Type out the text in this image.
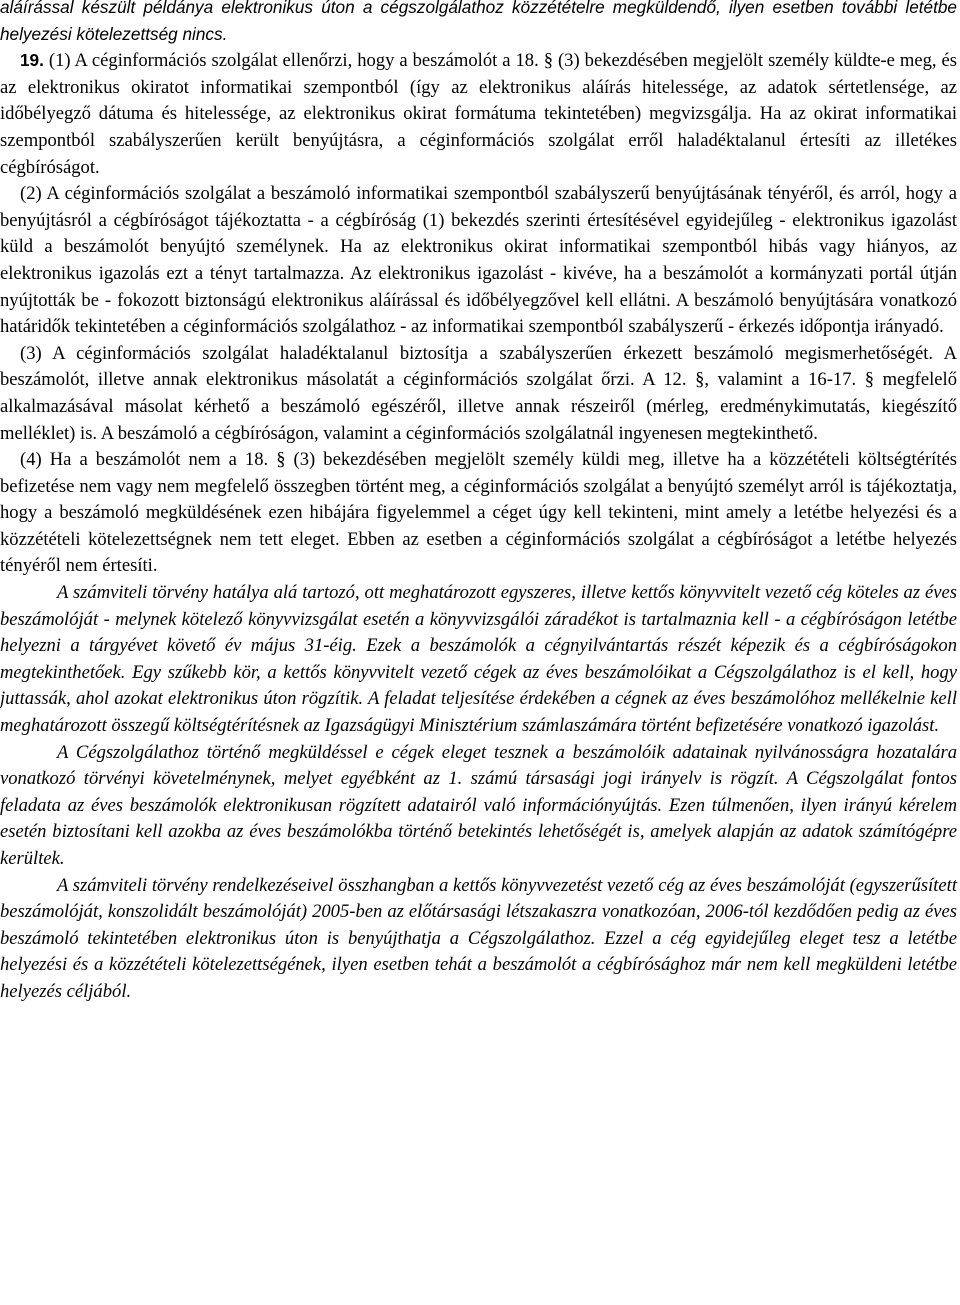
aláírással készült példánya elektronikus úton a cégszolgálathoz közzétételre megküldendő, ilyen esetben további letétbe helyezési kötelezettség nincs.

19. (1) A céginformációs szolgálat ellenőrzi, hogy a beszámolót a 18. § (3) bekezdésében megjelölt személy küldte-e meg, és az elektronikus okiratot informatikai szempontból (így az elektronikus aláírás hitelessége, az adatok sértetlensége, az időbélyegző dátuma és hitelessége, az elektronikus okirat formátuma tekintetében) megvizsgálja. Ha az okirat informatikai szempontból szabályszerűen került benyújtásra, a céginformációs szolgálat erről haladéktalanul értesíti az illetékes cégbíróságot.

(2) A céginformációs szolgálat a beszámoló informatikai szempontból szabályszerű benyújtásának tényéről, és arról, hogy a benyújtásról a cégbíróságot tájékoztatta - a cégbíróság (1) bekezdés szerinti értesítésével egyidejűleg - elektronikus igazolást küld a beszámolót benyújtó személynek. Ha az elektronikus okirat informatikai szempontból hibás vagy hiányos, az elektronikus igazolás ezt a tényt tartalmazza. Az elektronikus igazolást - kivéve, ha a beszámolót a kormányzati portál útján nyújtották be - fokozott biztonságú elektronikus aláírással és időbélyegzővel kell ellátni. A beszámoló benyújtására vonatkozó határidők tekintetében a céginformációs szolgálathoz - az informatikai szempontból szabályszerű - érkezés időpontja irányadó.

(3) A céginformációs szolgálat haladéktalanul biztosítja a szabályszerűen érkezett beszámoló megismerhetőségét. A beszámolót, illetve annak elektronikus másolatát a céginformációs szolgálat őrzi. A 12. §, valamint a 16-17. § megfelelő alkalmazásával másolat kérhető a beszámoló egészéről, illetve annak részeiről (mérleg, eredménykimutatás, kiegészítő melléklet) is. A beszámoló a cégbíróságon, valamint a céginformációs szolgálatnál ingyenesen megtekinthető.

(4) Ha a beszámolót nem a 18. § (3) bekezdésében megjelölt személy küldi meg, illetve ha a közzétételi költségtérítés befizetése nem vagy nem megfelelő összegben történt meg, a céginformációs szolgálat a benyújtó személyt arról is tájékoztatja, hogy a beszámoló megküldésének ezen hibájára figyelemmel a céget úgy kell tekinteni, mint amely a letétbe helyezési és a közzétételi kötelezettségnek nem tett eleget. Ebben az esetben a céginformációs szolgálat a cégbíróságot a letétbe helyezés tényéről nem értesíti.

A számviteli törvény hatálya alá tartozó, ott meghatározott egyszeres, illetve kettős könyvvitelt vezető cég köteles az éves beszámolóját - melynek kötelező könyvvizsgálat esetén a könyvvizsgálói záradékot is tartalmaznia kell - a cégbíróságon letétbe helyezni a tárgyévet követő év május 31-éig. Ezek a beszámolók a cégnyilvántartás részét képezik és a cégbíróságokon megtekinthetőek. Egy szűkebb kör, a kettős könyvvitelt vezető cégek az éves beszámolóikat a Cégszolgálathoz is el kell, hogy juttassák, ahol azokat elektronikus úton rögzítik. A feladat teljesítése érdekében a cégnek az éves beszámolóhoz mellékelnie kell meghatározott összegű költségtérítésnek az Igazságügyi Minisztérium számlaszámára történt befizetésére vonatkozó igazolást.

A Cégszolgálathoz történő megküldéssel e cégek eleget tesznek a beszámolóik adatainak nyilvánosságra hozatalára vonatkozó törvényi követelménynek, melyet egyébként az 1. számú társasági jogi irányelv is rögzít. A Cégszolgálat fontos feladata az éves beszámolók elektronikusan rögzített adatairól való információnyújtás. Ezen túlmenően, ilyen irányú kérelem esetén biztosítani kell azokba az éves beszámolókba történő betekintés lehetőségét is, amelyek alapján az adatok számítógépre kerültek.

A számviteli törvény rendelkezéseivel összhangban a kettős könyvvezetést vezető cég az éves beszámolóját (egyszerűsített beszámolóját, konszolidált beszámolóját) 2005-ben az előtársasági létszakaszra vonatkozóan, 2006-tól kezdődően pedig az éves beszámoló tekintetében elektronikus úton is benyújthatja a Cégszolgálathoz. Ezzel a cég egyidejűleg eleget tesz a letétbe helyezési és a közzétételi kötelezettségének, ilyen esetben tehát a beszámolót a cégbírósághoz már nem kell megküldeni letétbe helyezés céljából.
